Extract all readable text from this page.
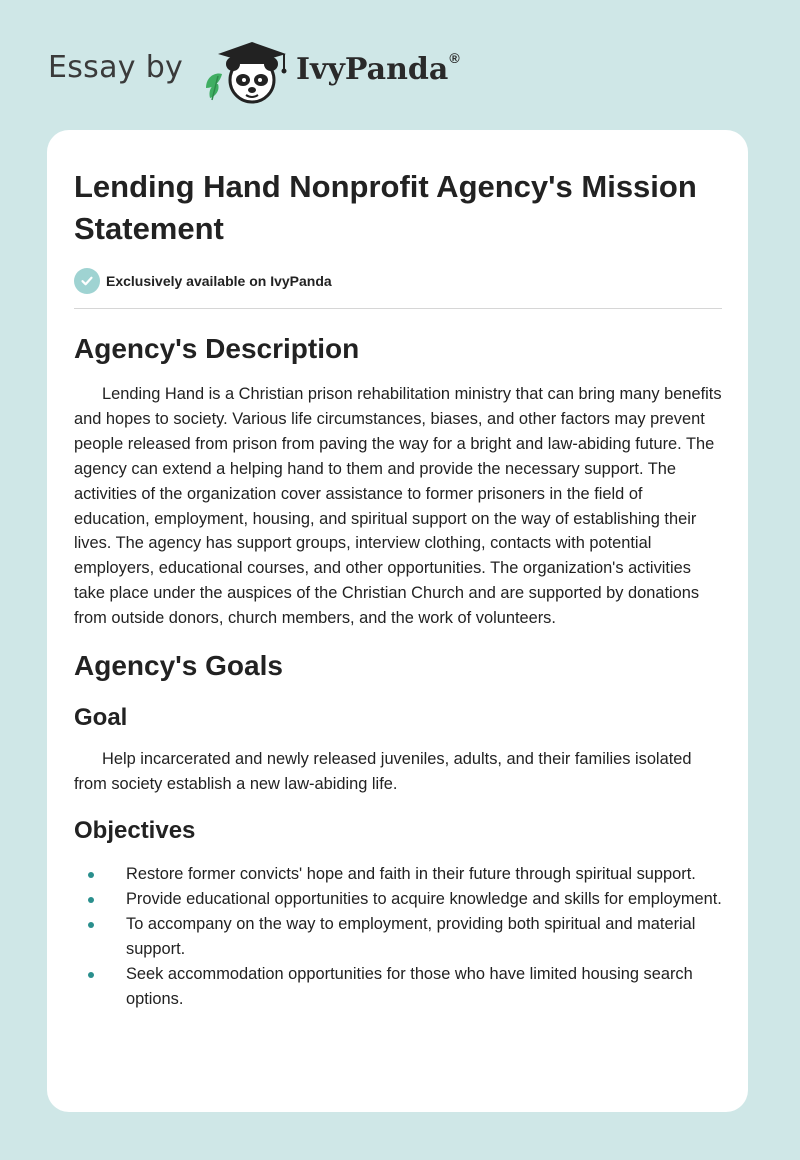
Essay by	IvyPanda®
Lending Hand Nonprofit Agency's Mission Statement
Exclusively available on IvyPanda
Agency's Description

Lending Hand is a Christian prison rehabilitation ministry that can bring many benefits and hopes to society. Various life circumstances, biases, and other factors may prevent people released from prison from paving the way for a bright and law-abiding future. The agency can extend a helping hand to them and provide the necessary support. The activities of the organization cover assistance to former prisoners in the field of education, employment, housing, and spiritual support on the way of establishing their lives. The agency has support groups, interview clothing, contacts with potential employers, educational courses, and other opportunities. The organization's activities take place under the auspices of the Christian Church and are supported by donations from outside donors, church members, and the work of volunteers.

Agency's Goals
Goal

Help incarcerated and newly released juveniles, adults, and their families isolated from society establish a new law-abiding life.

Objectives
Restore former convicts' hope and faith in their future through spiritual support.
Provide educational opportunities to acquire knowledge and skills for employment.
To accompany on the way to employment, providing both spiritual and material support.
Seek accommodation opportunities for those who have limited housing search options.
